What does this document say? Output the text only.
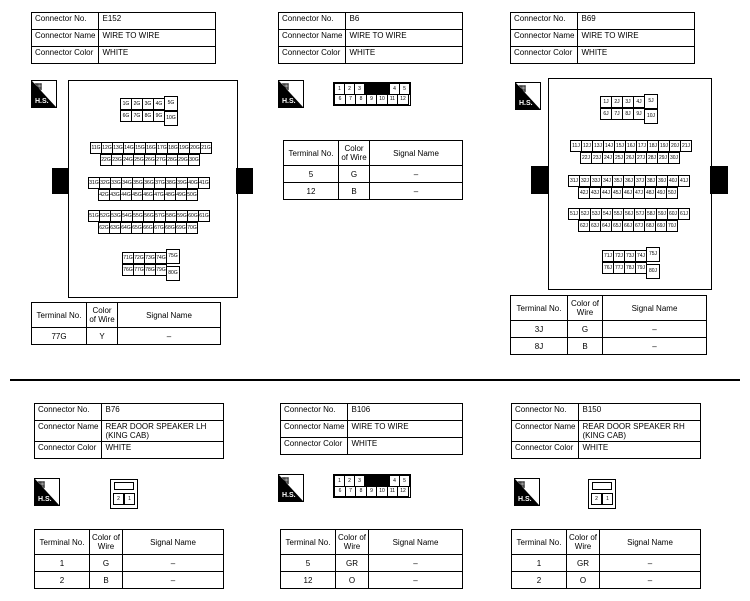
Connector No.	E152
Connector Name	WIRE TO WIRE
Connector Color	WHITE
▦
H.S.	1G 2G 3G 4G	5G
6G 7G 8G 9G 10G
11G 12G 13G 14G 15G 16G 17G 18G 19G 20G 21G
22G 23G 24G 25G 26G 27G 28G 29G 30G
31G 32G 33G 34G 35G 36G 37G 38G 39G 40G 41G
42G 43G 44G 45G 46G 47G 48G 49G 50G
51G 52G 53G 54G 55G 56G 57G 58G 59G 60G 61G
62G 63G 64G 65G 66G 67G 68G 69G 70G
71G 72G 73G 74G 75G
76G 77G 78G 79G 80G
Terminal No.	Color of Wire	Signal Name
77G	Y	–
Connector No.	B6
Connector Name	WIRE TO WIRE
Connector Color	WHITE
▦
H.S.
1	2	3	4	5
6	7	8	9	10	11	12
Terminal No.	Color of Wire	Signal Name
5	G	–
12	B	–
Connector No.	B69
Connector Name	WIRE TO WIRE
Connector Color	WHITE
▦
H.S.	1J	2J	3J	4J	5J
6J	7J	8J	9J	10J
11J 12J 13J 14J 15J 16J 17J 18J 19J 20J 21J
22J 23J 24J 25J 26J 27J 28J 29J 30J
31J 32J 33J 34J 35J 36J 37J 38J 39J 40J 41J
42J 43J 44J 45J 46J 47J 48J 49J 50J
51J 52J 53J 54J 55J 56J 57J 58J 59J 60J 61J
62J 63J 64J 65J 66J 67J 68J 69J 70J
71J 72J 73J 74J 75J
76J 77J 78J 79J 80J
Terminal No.	Color of Wire	Signal Name
3J	G	–
8J	B	–
Connector No.	B76
Connector Name	REAR DOOR SPEAKER LH (KING CAB)
Connector Color	WHITE
▦
H.S.	2	1
Terminal No.	Color of Wire	Signal Name
1	G	–
2	B	–
Connector No.	B106
Connector Name	WIRE TO WIRE
Connector Color	WHITE
▦
H.S.
1	2	3	4	5
6	7	8	9	10	11	12
Terminal No.	Color of Wire	Signal Name
5	GR	–
12	O	–
Connector No.	B150
Connector Name	REAR DOOR SPEAKER RH (KING CAB)
Connector Color	WHITE
▦
H.S.	2	1
Terminal No.	Color of Wire	Signal Name
1	GR	–
2	O	–
